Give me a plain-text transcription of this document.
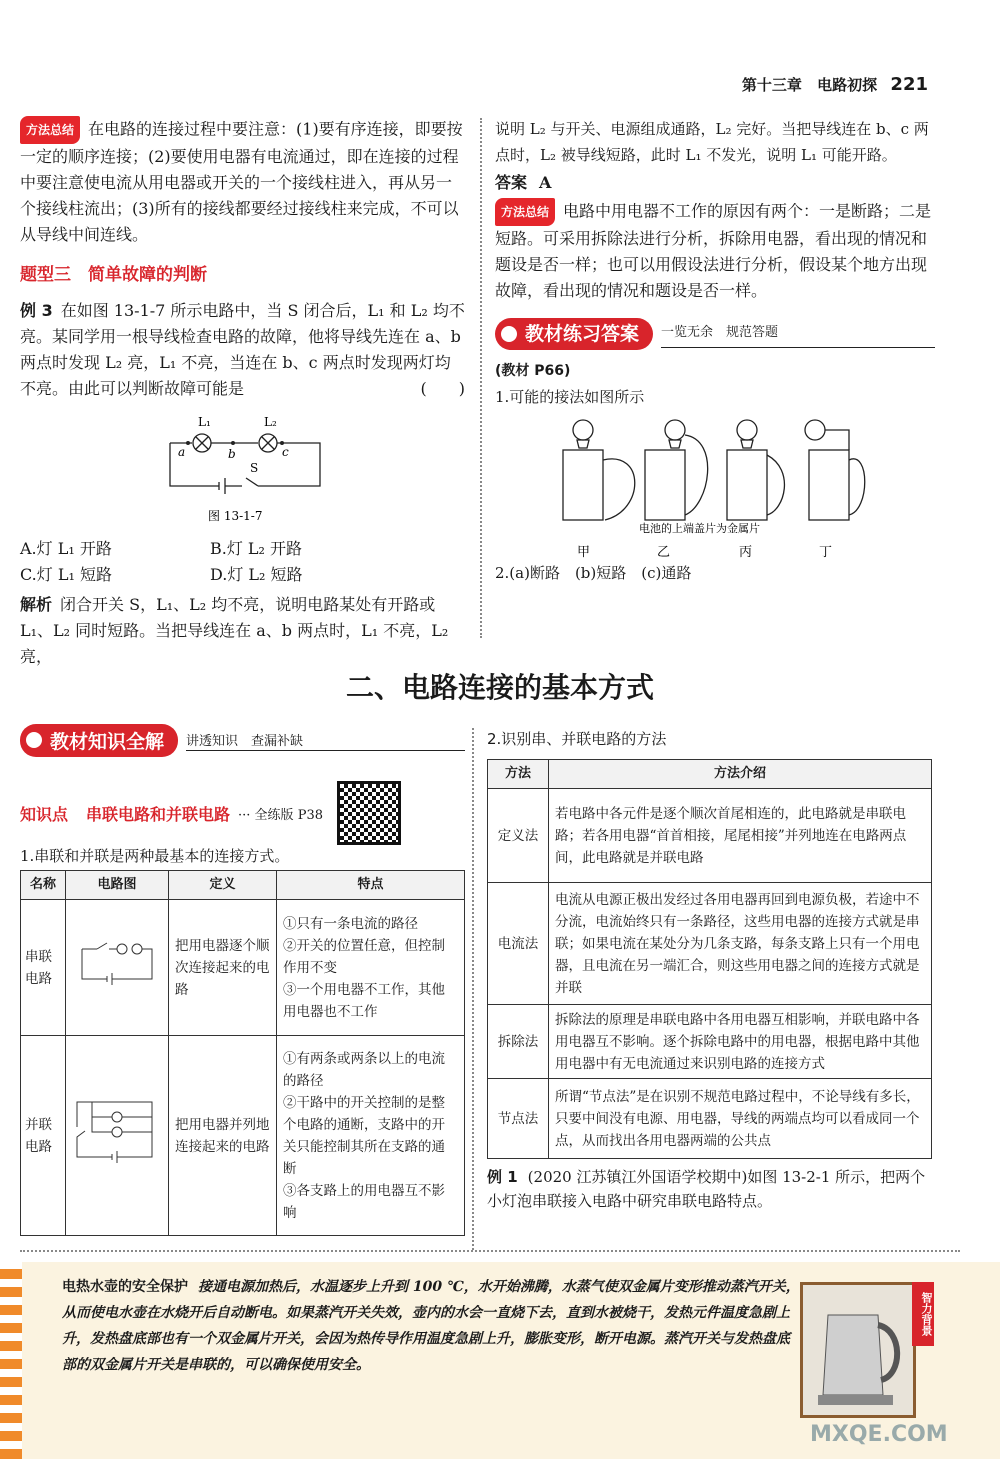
第十三章 电路初探 221
方法总结 在电路的连接过程中要注意：(1)要有序连接，即要按一定的顺序连接；(2)要使用电器有电流通过，即在连接的过程中要注意使电流从用电器或开关的一个接线柱进入，再从另一个接线柱流出；(3)所有的接线都要经过接线柱来完成，不可以从导线中间连线。
题型三　简单故障的判断
例 3 在如图 13-1-7 所示电路中，当 S 闭合后，L₁ 和 L₂ 均不亮。某同学用一根导线检查电路的故障，他将导线先连在 a、b 两点时发现 L₂ 亮，L₁ 不亮，当连在 b、c 两点时发现两灯均不亮。由此可以判断故障可能是	(　　)
L₁	L₂
a	b	c
S
图 13-1-7
A.灯 L₁ 开路	B.灯 L₂ 开路
C.灯 L₁ 短路	D.灯 L₂ 短路
解析 闭合开关 S，L₁、L₂ 均不亮，说明电路某处有开路或 L₁、L₂ 同时短路。当把导线连在 a、b 两点时，L₁ 不亮，L₂ 亮，
说明 L₂ 与开关、电源组成通路，L₂ 完好。当把导线连在 b、c 两点时，L₂ 被导线短路，此时 L₁ 不发光，说明 L₁ 可能开路。
答案 A
方法总结 电路中用电器不工作的原因有两个：一是断路；二是短路。可采用拆除法进行分析，拆除用电器，看出现的情况和题设是否一样；也可以用假设法进行分析，假设某个地方出现故障，看出现的情况和题设是否一样。
教材练习答案	一览无余　规范答题
(教材 P66)
1.可能的接法如图所示
电池的上端盖片为金属片
甲	乙	丙	丁
2.(a)断路　(b)短路　(c)通路
二、电路连接的基本方式
教材知识全解	讲透知识　查漏补缺
知识点 串联电路和并联电路 ··· 全练版 P38
1.串联和并联是两种最基本的连接方式。
名称	电路图	定义	特点
串联电路		把用电器逐个顺次连接起来的电路	①只有一条电流的路径
②开关的位置任意，但控制作用不变
③一个用电器不工作，其他用电器也不工作
并联电路		把用电器并列地连接起来的电路	①有两条或两条以上的电流的路径
②干路中的开关控制的是整个电路的通断，支路中的开关只能控制其所在支路的通断
③各支路上的用电器互不影响
2.识别串、并联电路的方法
方法	方法介绍
定义法	若电路中各元件是逐个顺次首尾相连的，此电路就是串联电路；若各用电器“首首相接，尾尾相接”并列地连在电路两点间，此电路就是并联电路
电流法	电流从电源正极出发经过各用电器再回到电源负极，若途中不分流，电流始终只有一条路径，这些用电器的连接方式就是串联；如果电流在某处分为几条支路，每条支路上只有一个用电器，且电流在另一端汇合，则这些用电器之间的连接方式就是并联
拆除法	拆除法的原理是串联电路中各用电器互相影响，并联电路中各用电器互不影响。逐个拆除电路中的用电器，根据电路中其他用电器中有无电流通过来识别电路的连接方式
节点法	所谓“节点法”是在识别不规范电路过程中，不论导线有多长，只要中间没有电源、用电器，导线的两端点均可以看成同一个点，从而找出各用电器两端的公共点
例 1 (2020 江苏镇江外国语学校期中)如图 13-2-1 所示，把两个小灯泡串联接入电路中研究串联电路特点。
电热水壶的安全保护 接通电源加热后，水温逐步上升到 100 ℃，水开始沸腾，水蒸气使双金属片变形推动蒸汽开关，从而使电水壶在水烧开后自动断电。如果蒸汽开关失效，壶内的水会一直烧下去，直到水被烧干，发热元件温度急剧上升，发热盘底部也有一个双金属片开关，会因为热传导作用温度急剧上升，膨胀变形，断开电源。蒸汽开关与发热盘底部的双金属片开关是串联的，可以确保使用安全。
智力背景
MXQE.COM
